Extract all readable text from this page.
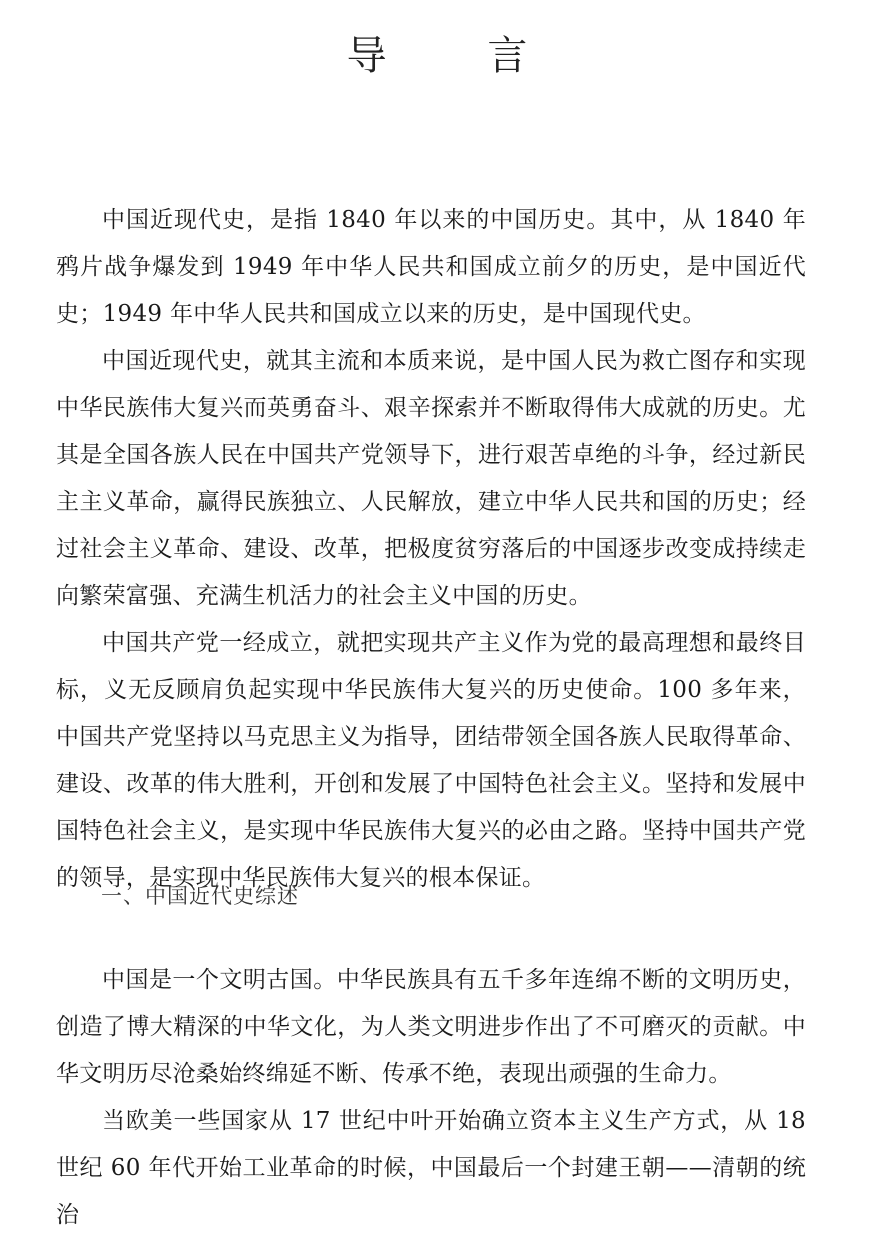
导 言

中国近现代史，是指 1840 年以来的中国历史。其中，从 1840 年鸦片战争爆发到 1949 年中华人民共和国成立前夕的历史，是中国近代史；1949 年中华人民共和国成立以来的历史，是中国现代史。

中国近现代史，就其主流和本质来说，是中国人民为救亡图存和实现中华民族伟大复兴而英勇奋斗、艰辛探索并不断取得伟大成就的历史。尤其是全国各族人民在中国共产党领导下，进行艰苦卓绝的斗争，经过新民主主义革命，赢得民族独立、人民解放，建立中华人民共和国的历史；经过社会主义革命、建设、改革，把极度贫穷落后的中国逐步改变成持续走向繁荣富强、充满生机活力的社会主义中国的历史。

中国共产党一经成立，就把实现共产主义作为党的最高理想和最终目标，义无反顾肩负起实现中华民族伟大复兴的历史使命。100 多年来，中国共产党坚持以马克思主义为指导，团结带领全国各族人民取得革命、建设、改革的伟大胜利，开创和发展了中国特色社会主义。坚持和发展中国特色社会主义，是实现中华民族伟大复兴的必由之路。坚持中国共产党的领导，是实现中华民族伟大复兴的根本保证。

一、中国近代史综述

中国是一个文明古国。中华民族具有五千多年连绵不断的文明历史，创造了博大精深的中华文化，为人类文明进步作出了不可磨灭的贡献。中华文明历尽沧桑始终绵延不断、传承不绝，表现出顽强的生命力。

当欧美一些国家从 17 世纪中叶开始确立资本主义生产方式，从 18 世纪 60 年代开始工业革命的时候，中国最后一个封建王朝——清朝的统治
